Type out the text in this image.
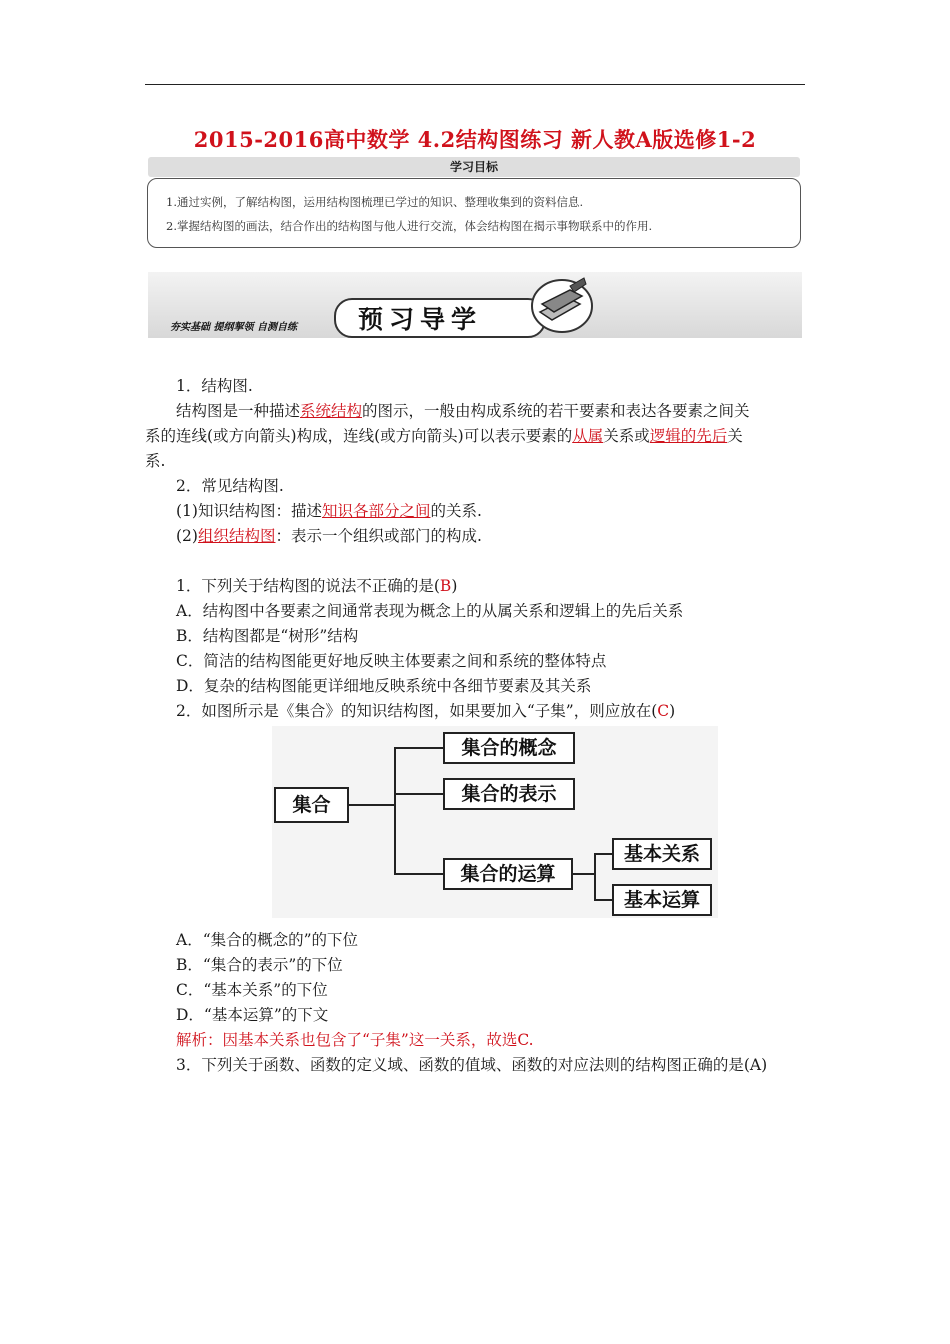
2015-2016高中数学 4.2结构图练习 新人教A版选修1-2
学习目标
1.通过实例，了解结构图，运用结构图梳理已学过的知识、整理收集到的资料信息.
2.掌握结构图的画法，结合作出的结构图与他人进行交流，体会结构图在揭示事物联系中的作用.
夯实基础 提纲挈领 自测自练 预习导学
1．结构图.
结构图是一种描述系统结构的图示，一般由构成系统的若干要素和表达各要素之间关
系的连线(或方向箭头)构成，连线(或方向箭头)可以表示要素的从属关系或逻辑的先后关
系.
2．常见结构图.
(1)知识结构图：描述知识各部分之间的关系.
(2)组织结构图：表示一个组织或部门的构成.
1．下列关于结构图的说法不正确的是(B)
A．结构图中各要素之间通常表现为概念上的从属关系和逻辑上的先后关系
B．结构图都是“树形”结构
C．简洁的结构图能更好地反映主体要素之间和系统的整体特点
D．复杂的结构图能更详细地反映系统中各细节要素及其关系
2．如图所示是《集合》的知识结构图，如果要加入“子集”，则应放在(C)
集合
集合的概念
集合的表示
集合的运算
基本关系
基本运算
A．“集合的概念的”的下位
B．“集合的表示”的下位
C．“基本关系”的下位
D．“基本运算”的下文
解析：因基本关系也包含了“子集”这一关系，故选C.
3．下列关于函数、函数的定义域、函数的值域、函数的对应法则的结构图正确的是(A)
